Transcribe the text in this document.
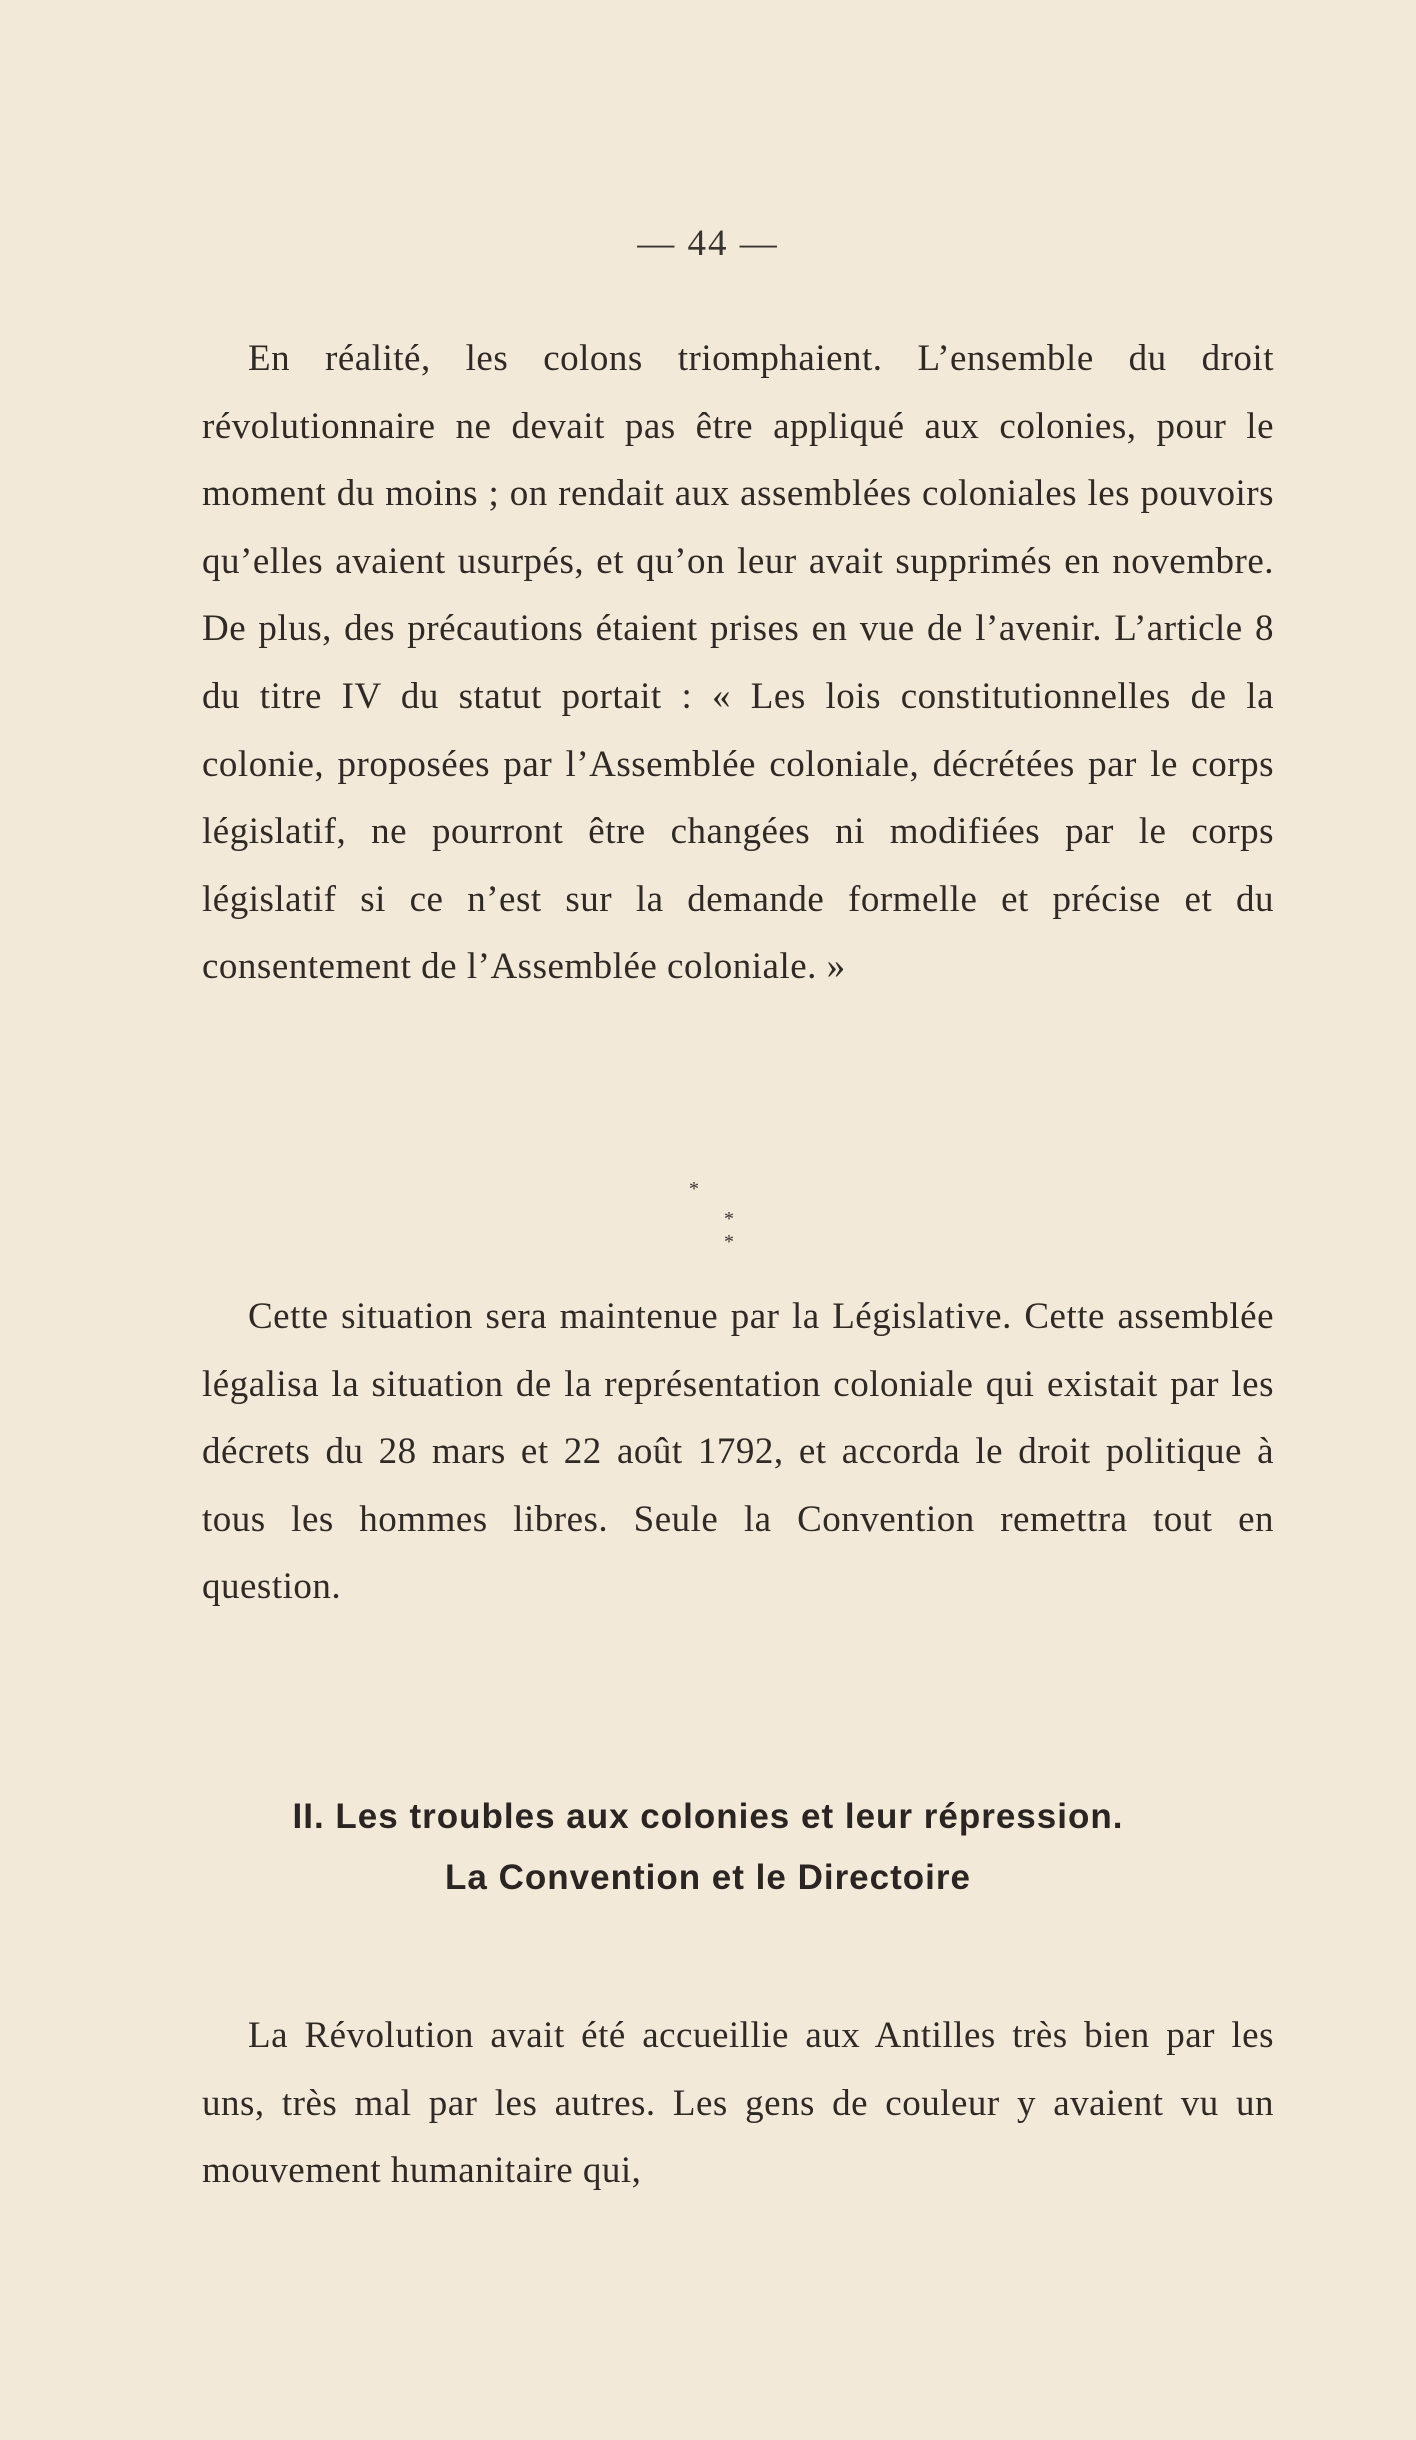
— 44 —

En réalité, les colons triomphaient. L’ensemble du droit révolutionnaire ne devait pas être appliqué aux colonies, pour le moment du moins ; on rendait aux assemblées coloniales les pouvoirs qu’elles avaient usurpés, et qu’on leur avait supprimés en novembre. De plus, des précautions étaient prises en vue de l’avenir. L’article 8 du titre IV du statut portait : « Les lois constitutionnelles de la colonie, proposées par l’Assemblée coloniale, décrétées par le corps législatif, ne pourront être changées ni modifiées par le corps législatif si ce n’est sur la demande formelle et précise et du consentement de l’Assemblée coloniale. »

*
* *

Cette situation sera maintenue par la Législative. Cette assemblée légalisa la situation de la représentation coloniale qui existait par les décrets du 28 mars et 22 août 1792, et accorda le droit politique à tous les hommes libres. Seule la Convention remettra tout en question.

II. Les troubles aux colonies et leur répression.
La Convention et le Directoire

La Révolution avait été accueillie aux Antilles très bien par les uns, très mal par les autres. Les gens de couleur y avaient vu un mouvement humanitaire qui,
